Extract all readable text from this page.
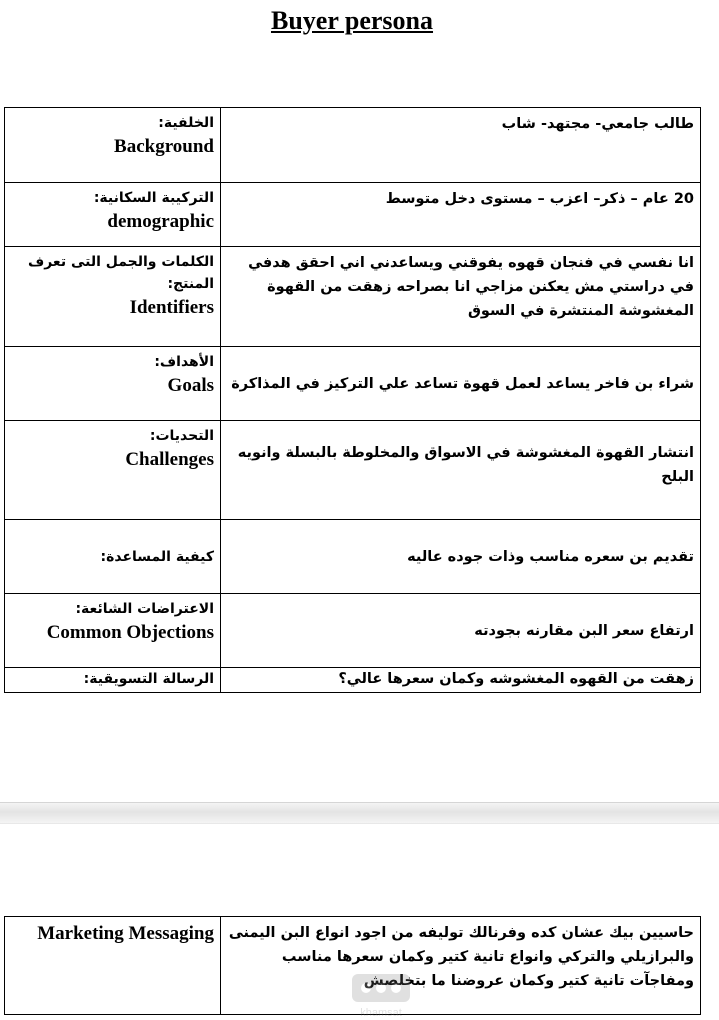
Buyer persona
الخلفية:
Background	طالب جامعي- مجتهد- شاب

التركيبة السكانية:
demographic	20 عام – ذكر– اعزب – مستوى دخل متوسط

الكلمات والجمل التى تعرف المنتج:
Identifiers	انا نفسي في فنجان قهوه يفوقني ويساعدني اني احقق هدفي في دراستي مش يعكنن مزاجي انا بصراحه زهقت من القهوة المغشوشة المنتشرة في السوق

الأهداف:
Goals	شراء بن فاخر يساعد لعمل قهوة تساعد علي التركيز في المذاكرة

التحديات:
Challenges	انتشار القهوة المغشوشة في الاسواق والمخلوطة بالبسلة وانويه البلح

كيفية المساعدة:	تقديم بن سعره مناسب وذات جوده عاليه

الاعتراضات الشائعة:
Common Objections	ارتفاع سعر البن مقارنه بجودته

الرسالة التسويقية:	زهقت من القهوه المغشوشه وكمان سعرها عالي؟
Marketing Messaging	حاسيين بيك عشان كده وفرنالك توليفه من اجود انواع البن اليمنى والبرازيلي والتركي وانواع تانية كتير وكمان سعرها مناسب ومفاجآت تانية كتير وكمان عروضنا ما بتخلصش
khamsat
